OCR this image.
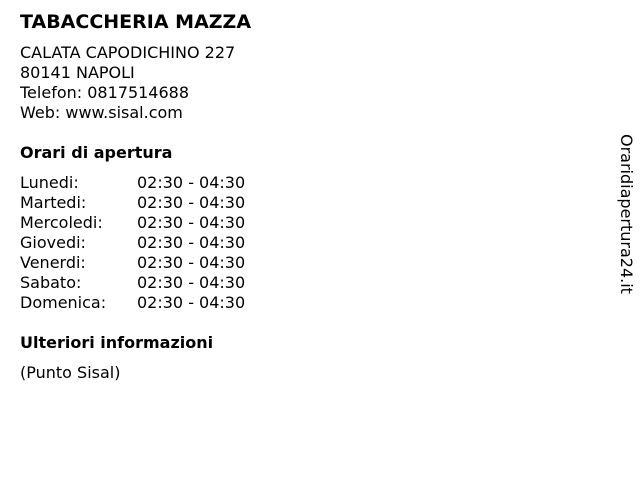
TABACCHERIA MAZZA
CALATA CAPODICHINO 227
80141 NAPOLI
Telefon: 0817514688
Web: www.sisal.com
Orari di apertura
Lunedi:	02:30 - 04:30
Martedi:	02:30 - 04:30
Mercoledi:	02:30 - 04:30
Giovedi:	02:30 - 04:30
Venerdi:	02:30 - 04:30
Sabato:	02:30 - 04:30
Domenica:	02:30 - 04:30
Ulteriori informazioni
(Punto Sisal)
Oraridiapertura24.it
